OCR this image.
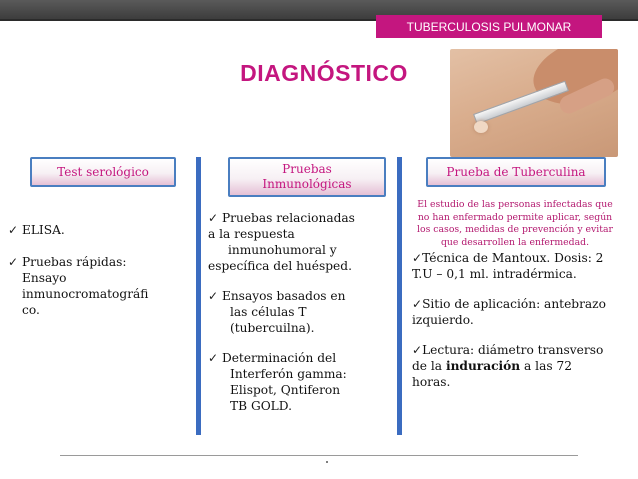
TUBERCULOSIS PULMONAR
DIAGNÓSTICO
Test serológico	Pruebas
Inmunológicas
Prueba de Tuberculina
✓ ELISA.
✓ Pruebas rápidas:
Ensayo
inmunocromatográfi
co.
✓ Pruebas relacionadas
a la respuesta
inmunohumoral y
específica del huésped.
✓ Ensayos basados en
las células T
(tubercuilna).
✓ Determinación del
Interferón gamma:
Elispot, Qntiferon
TB GOLD.
El estudio de las personas infectadas que no han enfermado permite aplicar, según los casos, medidas de prevención y evitar que desarrollen la enfermedad.
✓Técnica de Mantoux. Dosis: 2
T.U – 0,1 ml. intradérmica.
✓Sitio de aplicación: antebrazo
izquierdo.
✓Lectura: diámetro transverso
de la induración a las 72
horas.
